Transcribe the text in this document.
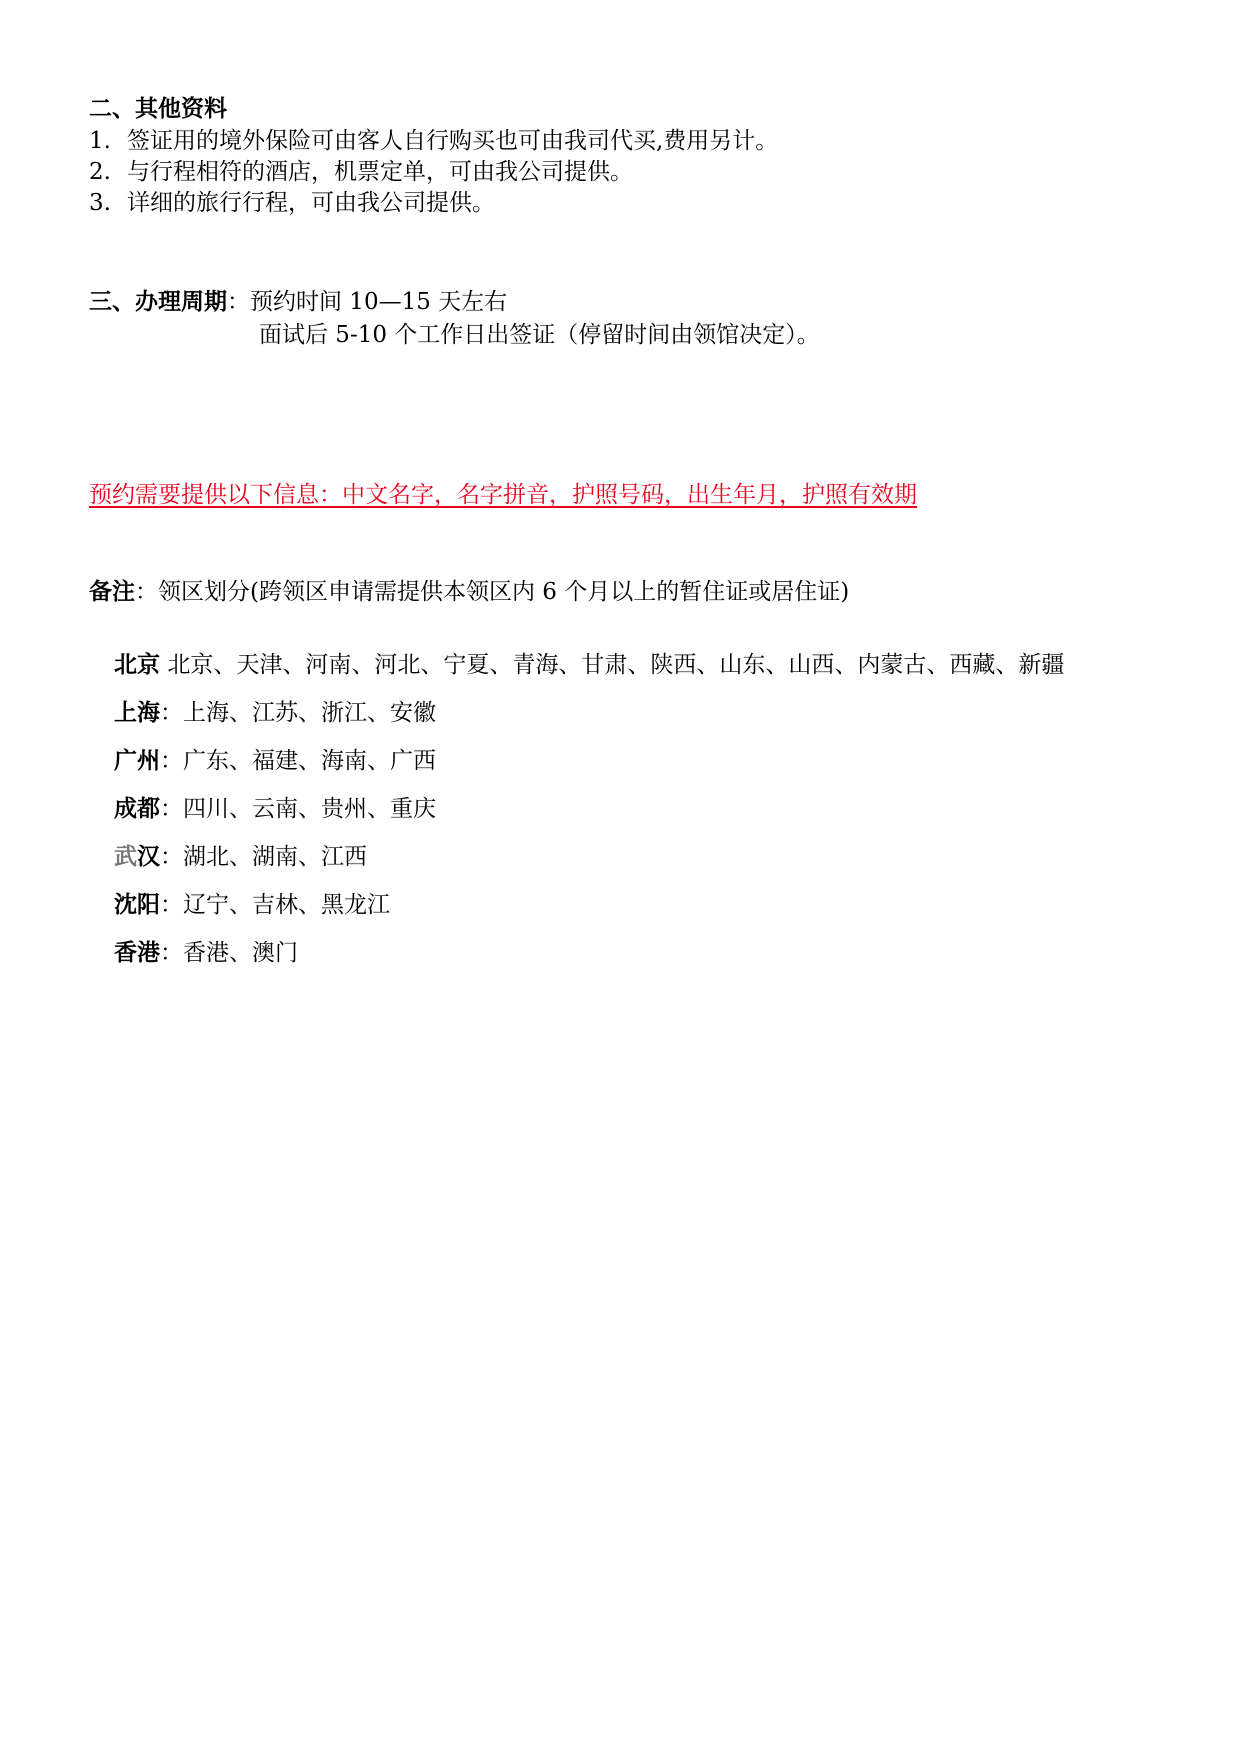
二、其他资料
1. 签证用的境外保险可由客人自行购买也可由我司代买,费用另计。
2. 与行程相符的酒店，机票定单，可由我公司提供。
3. 详细的旅行行程，可由我公司提供。
三、办理周期：预约时间 10—15 天左右
面试后 5-10 个工作日出签证（停留时间由领馆决定）。
预约需要提供以下信息：中文名字，名字拼音，护照号码，出生年月，护照有效期
备注：领区划分(跨领区申请需提供本领区内 6 个月以上的暂住证或居住证)
北京 北京、天津、河南、河北、宁夏、青海、甘肃、陕西、山东、山西、内蒙古、西藏、新疆
上海：上海、江苏、浙江、安徽
广州：广东、福建、海南、广西
成都：四川、云南、贵州、重庆
武汉：湖北、湖南、江西
沈阳：辽宁、吉林、黑龙江
香港：香港、澳门
